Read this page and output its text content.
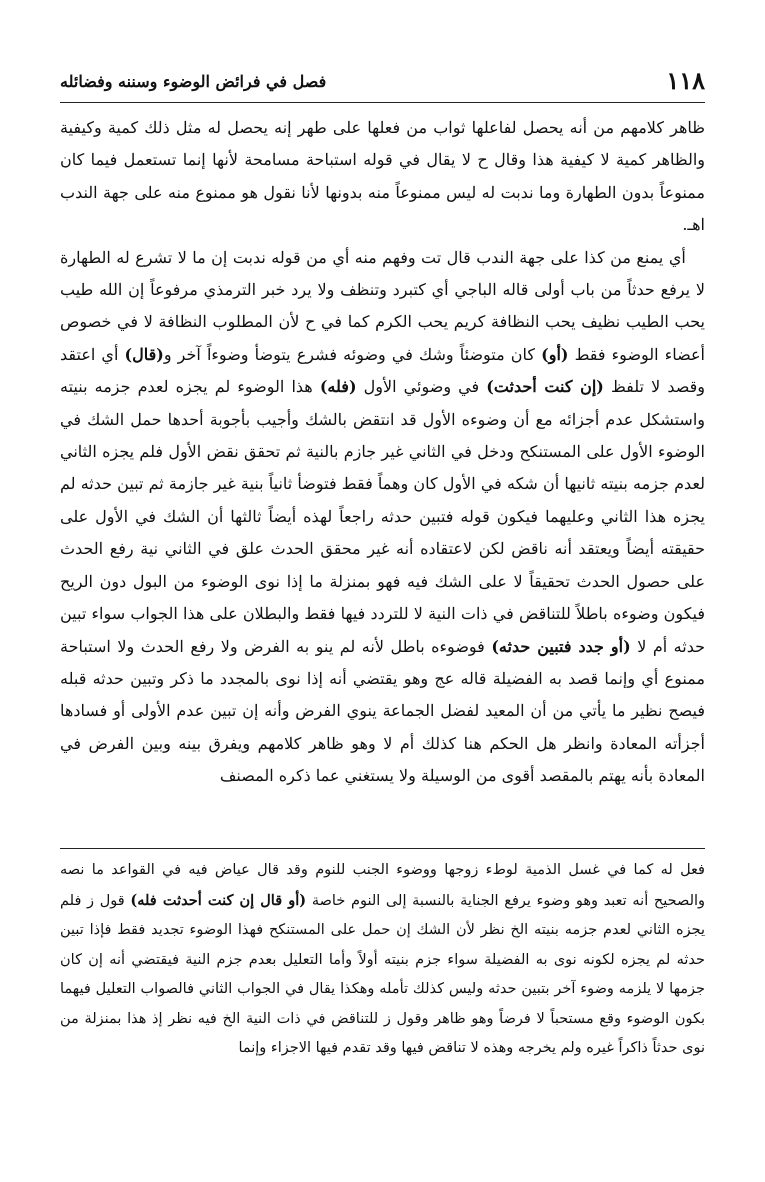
١١٨
فصل في فرائض الوضوء وسننه وفضائله

ظاهر كلامهم من أنه يحصل لفاعلها ثواب من فعلها على طهر إنه يحصل له مثل ذلك كمية وكيفية والظاهر كمية لا كيفية هذا وقال ح لا يقال في قوله استباحة مسامحة لأنها إنما تستعمل فيما كان ممنوعاً بدون الطهارة وما ندبت له ليس ممنوعاً منه بدونها لأنا نقول هو ممنوع منه على جهة الندب اهـ.

أي يمنع من كذا على جهة الندب قال تت وفهم منه أي من قوله ندبت إن ما لا تشرع له الطهارة لا يرفع حدثاً من باب أولى قاله الباجي أي كتبرد وتنظف ولا يرد خبر الترمذي مرفوعاً إن الله طيب يحب الطيب نظيف يحب النظافة كريم يحب الكرم كما في ح لأن المطلوب النظافة لا في خصوص أعضاء الوضوء فقط (أو) كان متوضئاً وشك في وضوئه فشرع يتوضأ وضوءاً آخر و(قال) أي اعتقد وقصد لا تلفظ (إن كنت أحدثت) في وضوئي الأول (فله) هذا الوضوء لم يجزه لعدم جزمه بنيته واستشكل عدم أجزائه مع أن وضوءه الأول قد انتقض بالشك وأجيب بأجوبة أحدها حمل الشك في الوضوء الأول على المستنكح ودخل في الثاني غير جازم بالنية ثم تحقق نقض الأول فلم يجزه الثاني لعدم جزمه بنيته ثانيها أن شكه في الأول كان وهماً فقط فتوضأ ثانياً بنية غير جازمة ثم تبين حدثه لم يجزه هذا الثاني وعليهما فيكون قوله فتبين حدثه راجعاً لهذه أيضاً ثالثها أن الشك في الأول على حقيقته أيضاً ويعتقد أنه ناقض لكن لاعتقاده أنه غير محقق الحدث علق في الثاني نية رفع الحدث على حصول الحدث تحقيقاً لا على الشك فيه فهو بمنزلة ما إذا نوى الوضوء من البول دون الريح فيكون وضوءه باطلاً للتناقض في ذات النية لا للتردد فيها فقط والبطلان على هذا الجواب سواء تبين حدثه أم لا (أو جدد فتبين حدثه) فوضوءه باطل لأنه لم ينو به الفرض ولا رفع الحدث ولا استباحة ممنوع أي وإنما قصد به الفضيلة قاله عج وهو يقتضي أنه إذا نوى بالمجدد ما ذكر وتبين حدثه قبله فيصح نظير ما يأتي من أن المعيد لفضل الجماعة ينوي الفرض وأنه إن تبين عدم الأولى أو فسادها أجزأته المعادة وانظر هل الحكم هنا كذلك أم لا وهو ظاهر كلامهم ويفرق بينه وبين الفرض في المعادة بأنه يهتم بالمقصد أقوى من الوسيلة ولا يستغني عما ذكره المصنف

فعل له كما في غسل الذمية لوطء زوجها ووضوء الجنب للنوم وقد قال عياض فيه في القواعد ما نصه والصحيح أنه تعبد وهو وضوء يرفع الجناية بالنسبة إلى النوم خاصة (أو قال إن كنت أحدثت فله) قول ز فلم يجزه الثاني لعدم جزمه بنيته الخ نظر لأن الشك إن حمل على المستنكح فهذا الوضوء تجديد فقط فإذا تبين حدثه لم يجزه لكونه نوى به الفضيلة سواء جزم بنيته أولاً وأما التعليل بعدم جزم النية فيقتضي أنه إن كان جزمها لا يلزمه وضوء آخر بتبين حدثه وليس كذلك تأمله وهكذا يقال في الجواب الثاني فالصواب التعليل فيهما بكون الوضوء وقع مستحباً لا فرضاً وهو ظاهر وقول ز للتناقض في ذات النية الخ فيه نظر إذ هذا بمنزلة من نوى حدثاً ذاكراً غيره ولم يخرجه وهذه لا تناقض فيها وقد تقدم فيها الاجزاء وإنما
